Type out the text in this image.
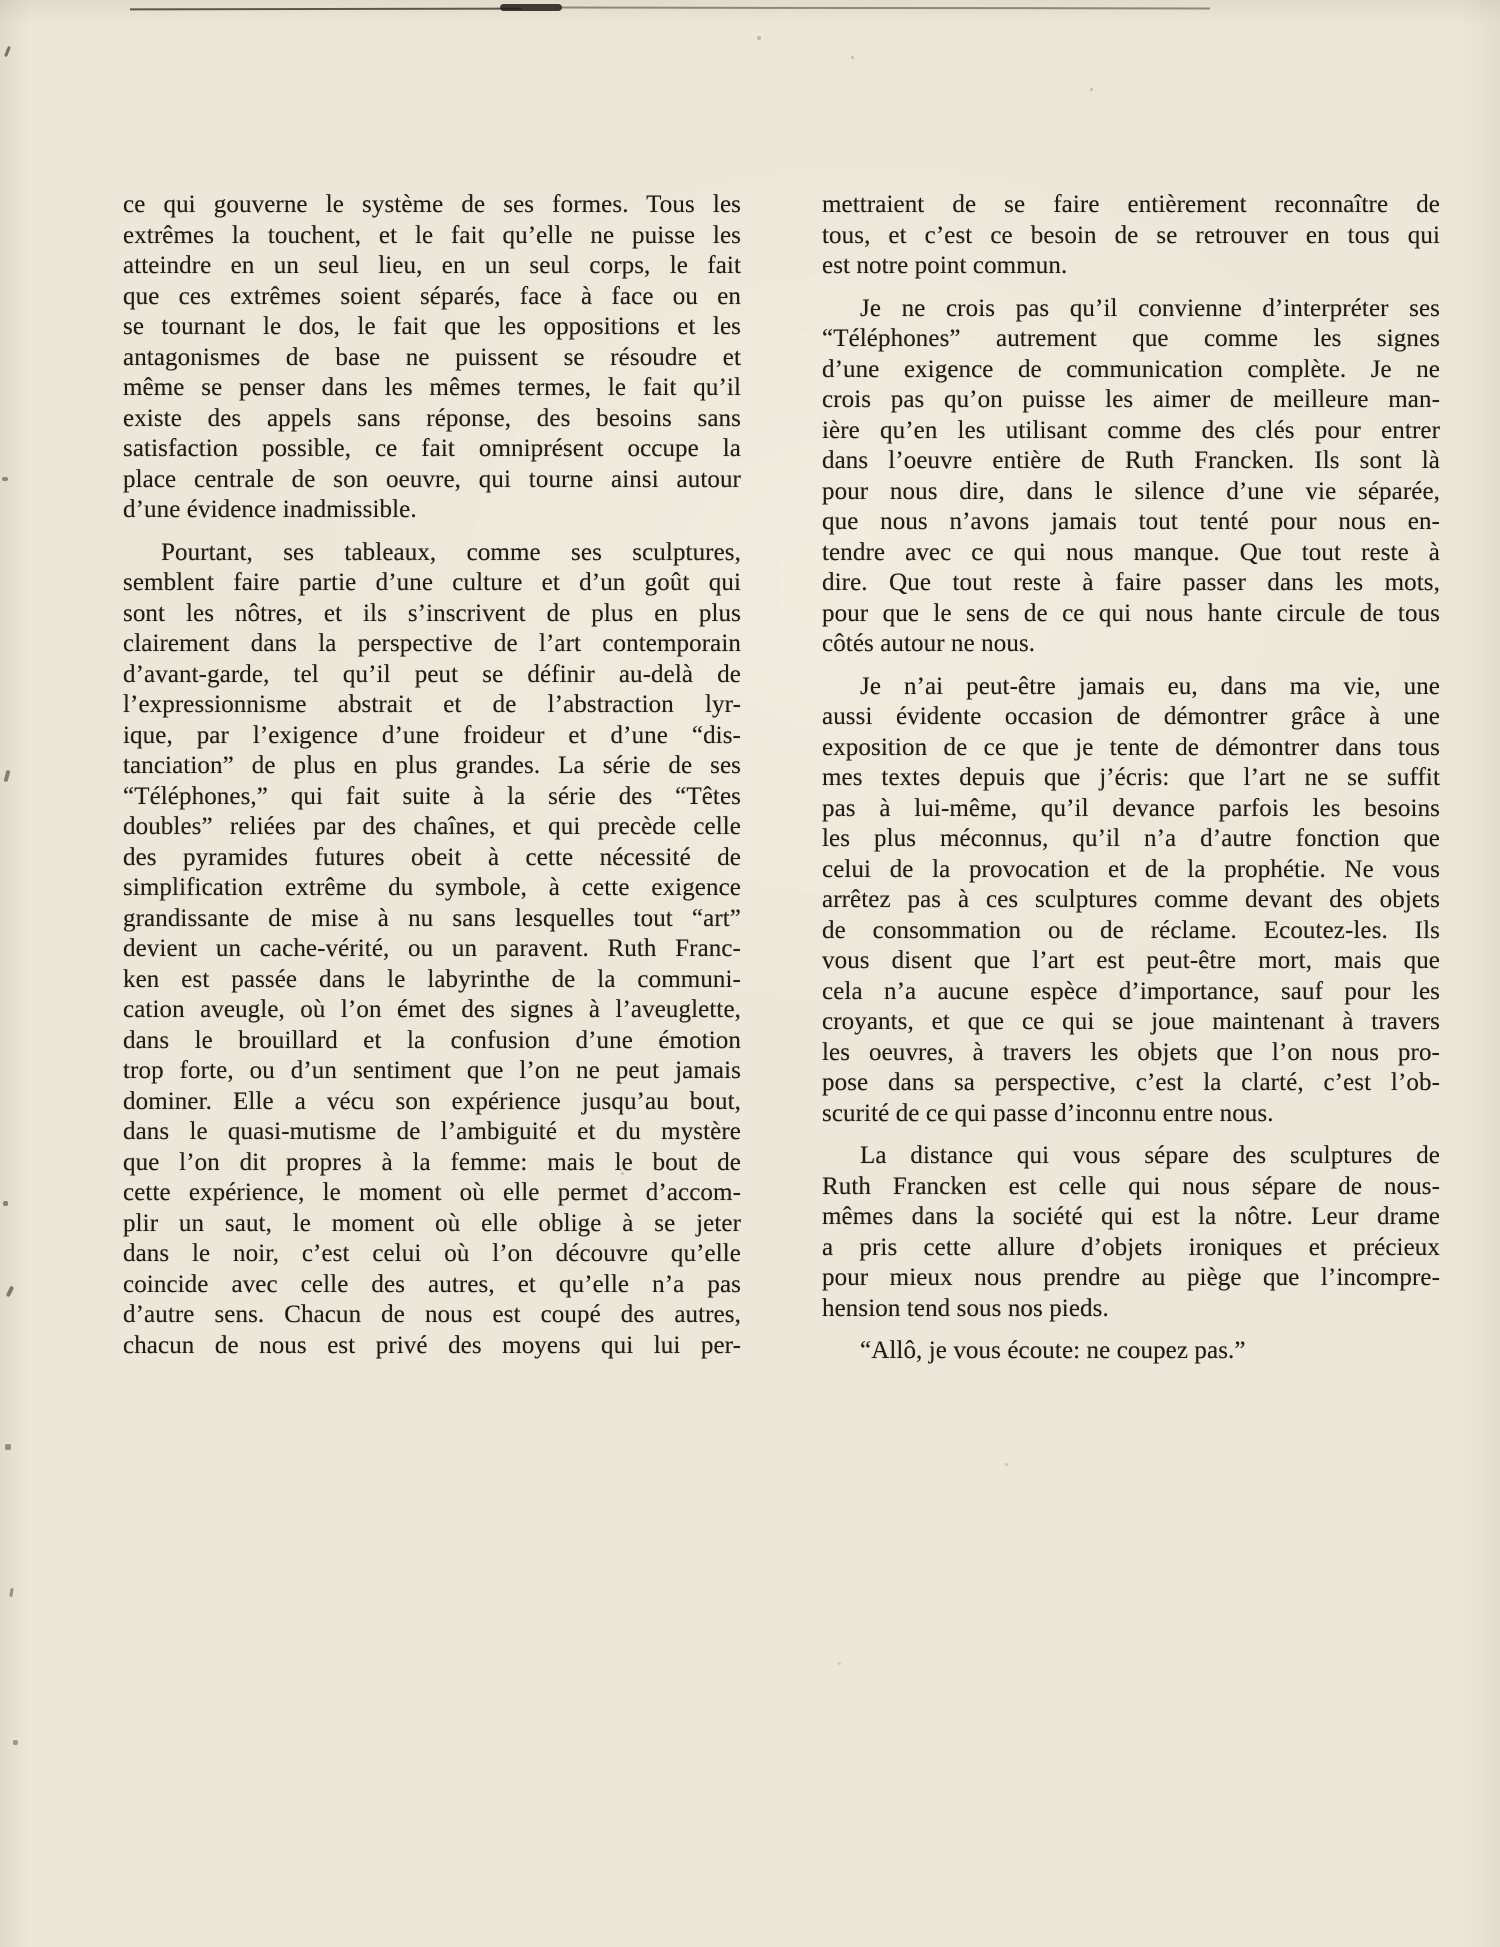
ce qui gouverne le système de ses formes. Tous les
extrêmes la touchent, et le fait qu’elle ne puisse les
atteindre en un seul lieu, en un seul corps, le fait
que ces extrêmes soient séparés, face à face ou en
se tournant le dos, le fait que les oppositions et les
antagonismes de base ne puissent se résoudre et
même se penser dans les mêmes termes, le fait qu’il
existe des appels sans réponse, des besoins sans
satisfaction possible, ce fait omniprésent occupe la
place centrale de son oeuvre, qui tourne ainsi autour
d’une évidence inadmissible.
Pourtant, ses tableaux, comme ses sculptures,
semblent faire partie d’une culture et d’un goût qui
sont les nôtres, et ils s’inscrivent de plus en plus
clairement dans la perspective de l’art contemporain
d’avant-garde, tel qu’il peut se définir au-delà de
l’expressionnisme abstrait et de l’abstraction lyr-
ique, par l’exigence d’une froideur et d’une “dis-
tanciation” de plus en plus grandes. La série de ses
“Téléphones,” qui fait suite à la série des “Têtes
doubles” reliées par des chaînes, et qui precède celle
des pyramides futures obeit à cette nécessité de
simplification extrême du symbole, à cette exigence
grandissante de mise à nu sans lesquelles tout “art”
devient un cache-vérité, ou un paravent. Ruth Franc-
ken est passée dans le labyrinthe de la communi-
cation aveugle, où l’on émet des signes à l’aveuglette,
dans le brouillard et la confusion d’une émotion
trop forte, ou d’un sentiment que l’on ne peut jamais
dominer. Elle a vécu son expérience jusqu’au bout,
dans le quasi-mutisme de l’ambiguité et du mystère
que l’on dit propres à la femme: mais le bout de
cette expérience, le moment où elle permet d’accom-
plir un saut, le moment où elle oblige à se jeter
dans le noir, c’est celui où l’on découvre qu’elle
coincide avec celle des autres, et qu’elle n’a pas
d’autre sens. Chacun de nous est coupé des autres,
chacun de nous est privé des moyens qui lui per-
mettraient de se faire entièrement reconnaître de
tous, et c’est ce besoin de se retrouver en tous qui
est notre point commun.
Je ne crois pas qu’il convienne d’interpréter ses
“Téléphones” autrement que comme les signes
d’une exigence de communication complète. Je ne
crois pas qu’on puisse les aimer de meilleure man-
ière qu’en les utilisant comme des clés pour entrer
dans l’oeuvre entière de Ruth Francken. Ils sont là
pour nous dire, dans le silence d’une vie séparée,
que nous n’avons jamais tout tenté pour nous en-
tendre avec ce qui nous manque. Que tout reste à
dire. Que tout reste à faire passer dans les mots,
pour que le sens de ce qui nous hante circule de tous
côtés autour ne nous.
Je n’ai peut-être jamais eu, dans ma vie, une
aussi évidente occasion de démontrer grâce à une
exposition de ce que je tente de démontrer dans tous
mes textes depuis que j’écris: que l’art ne se suffit
pas à lui-même, qu’il devance parfois les besoins
les plus méconnus, qu’il n’a d’autre fonction que
celui de la provocation et de la prophétie. Ne vous
arrêtez pas à ces sculptures comme devant des objets
de consommation ou de réclame. Ecoutez-les. Ils
vous disent que l’art est peut-être mort, mais que
cela n’a aucune espèce d’importance, sauf pour les
croyants, et que ce qui se joue maintenant à travers
les oeuvres, à travers les objets que l’on nous pro-
pose dans sa perspective, c’est la clarté, c’est l’ob-
scurité de ce qui passe d’inconnu entre nous.
La distance qui vous sépare des sculptures de
Ruth Francken est celle qui nous sépare de nous-
mêmes dans la société qui est la nôtre. Leur drame
a pris cette allure d’objets ironiques et précieux
pour mieux nous prendre au piège que l’incompre-
hension tend sous nos pieds.
“Allô, je vous écoute: ne coupez pas.”
